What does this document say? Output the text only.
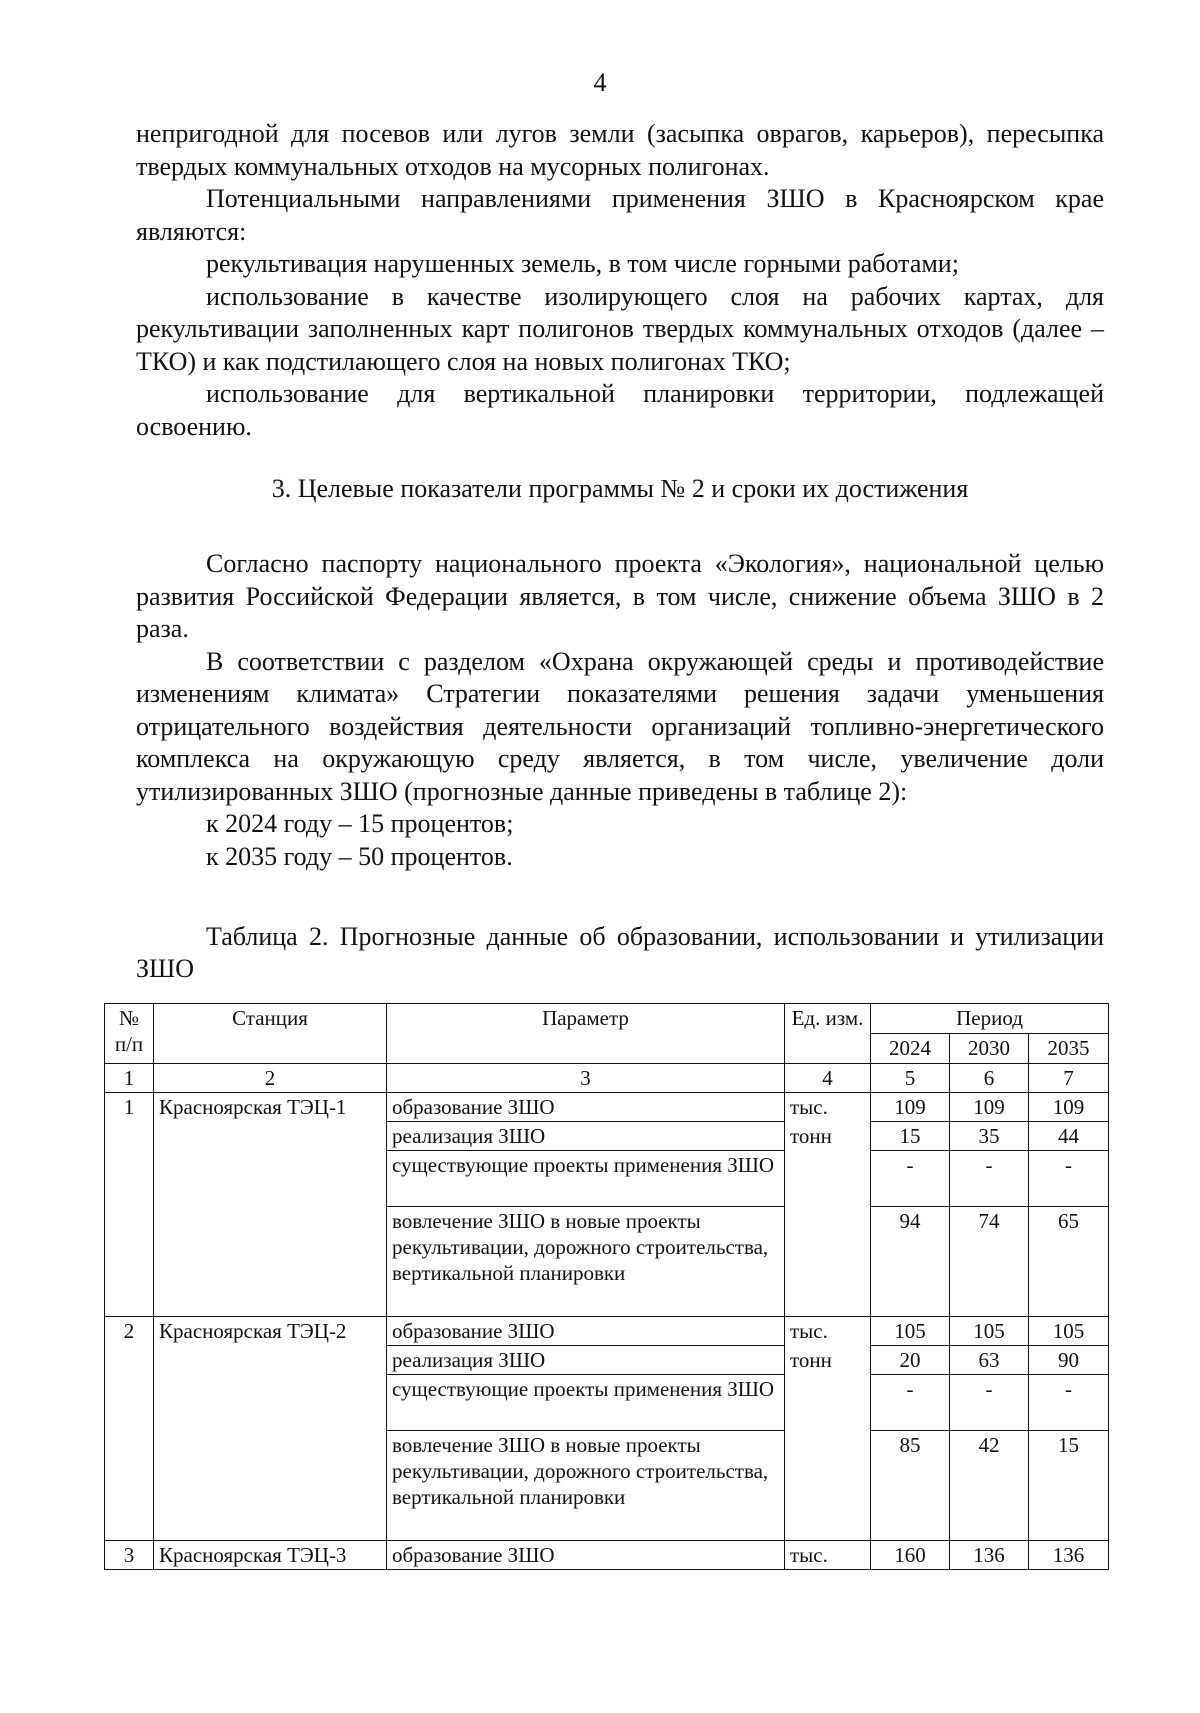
4

непригодной для посевов или лугов земли (засыпка оврагов, карьеров), пересыпка твердых коммунальных отходов на мусорных полигонах.

Потенциальными направлениями применения ЗШО в Красноярском крае являются:

рекультивация нарушенных земель, в том числе горными работами;

использование в качестве изолирующего слоя на рабочих картах, для рекультивации заполненных карт полигонов твердых коммунальных отходов (далее – ТКО) и как подстилающего слоя на новых полигонах ТКО;

использование для вертикальной планировки территории, подлежащей освоению.

3. Целевые показатели программы № 2 и сроки их достижения

Согласно паспорту национального проекта «Экология», национальной целью развития Российской Федерации является, в том числе, снижение объема ЗШО в 2 раза.

В соответствии с разделом «Охрана окружающей среды и противодействие изменениям климата» Стратегии показателями решения задачи уменьшения отрицательного воздействия деятельности организаций топливно-энергетического комплекса на окружающую среду является, в том числе, увеличение доли утилизированных ЗШО (прогнозные данные приведены в таблице 2):

к 2024 году – 15 процентов;

к 2035 году – 50 процентов.

Таблица 2. Прогнозные данные об образовании, использовании и утилизации ЗШО

№ п/п	Станция	Параметр	Ед. изм.	Период		
				2024	2030	2035
1	2	3	4	5	6	7
1	Красноярская ТЭЦ-1	образование ЗШО	тыс.	109	109	109
		реализация ЗШО	тонн	15	35	44
		существующие проекты применения ЗШО		-	-	-
		вовлечение ЗШО в новые проекты рекультивации, дорожного строительства, вертикальной планировки		94	74	65
2	Красноярская ТЭЦ-2	образование ЗШО	тыс.	105	105	105
		реализация ЗШО	тонн	20	63	90
		существующие проекты применения ЗШО		-	-	-
		вовлечение ЗШО в новые проекты рекультивации, дорожного строительства, вертикальной планировки		85	42	15
3	Красноярская ТЭЦ-3	образование ЗШО	тыс.	160	136	136
